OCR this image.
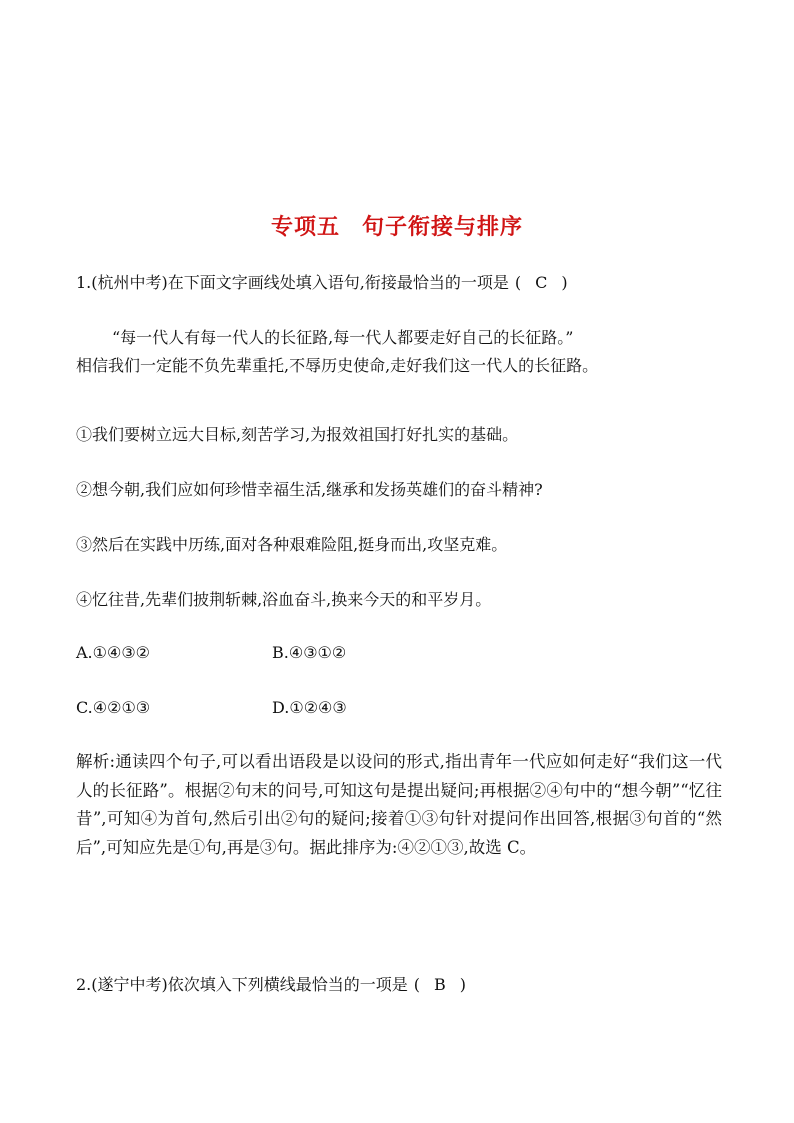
专项五 句子衔接与排序
1.(杭州中考)在下面文字画线处填入语句,衔接最恰当的一项是 ( C )
“每一代人有每一代人的长征路,每一代人都要走好自己的长征路。”
相信我们一定能不负先辈重托,不辱历史使命,走好我们这一代人的长征路。
①我们要树立远大目标,刻苦学习,为报效祖国打好扎实的基础。
②想今朝,我们应如何珍惜幸福生活,继承和发扬英雄们的奋斗精神?
③然后在实践中历练,面对各种艰难险阻,挺身而出,攻坚克难。
④忆往昔,先辈们披荆斩棘,浴血奋斗,换来今天的和平岁月。
A.①④③②	B.④③①②
C.④②①③	D.①②④③
解析:通读四个句子,可以看出语段是以设问的形式,指出青年一代应如何走好“我们这一代人的长征路”。根据②句末的问号,可知这句是提出疑问;再根据②④句中的“想今朝”“忆往昔”,可知④为首句,然后引出②句的疑问;接着①③句针对提问作出回答,根据③句首的“然后”,可知应先是①句,再是③句。据此排序为:④②①③,故选 C。
2.(遂宁中考)依次填入下列横线最恰当的一项是 ( B )
